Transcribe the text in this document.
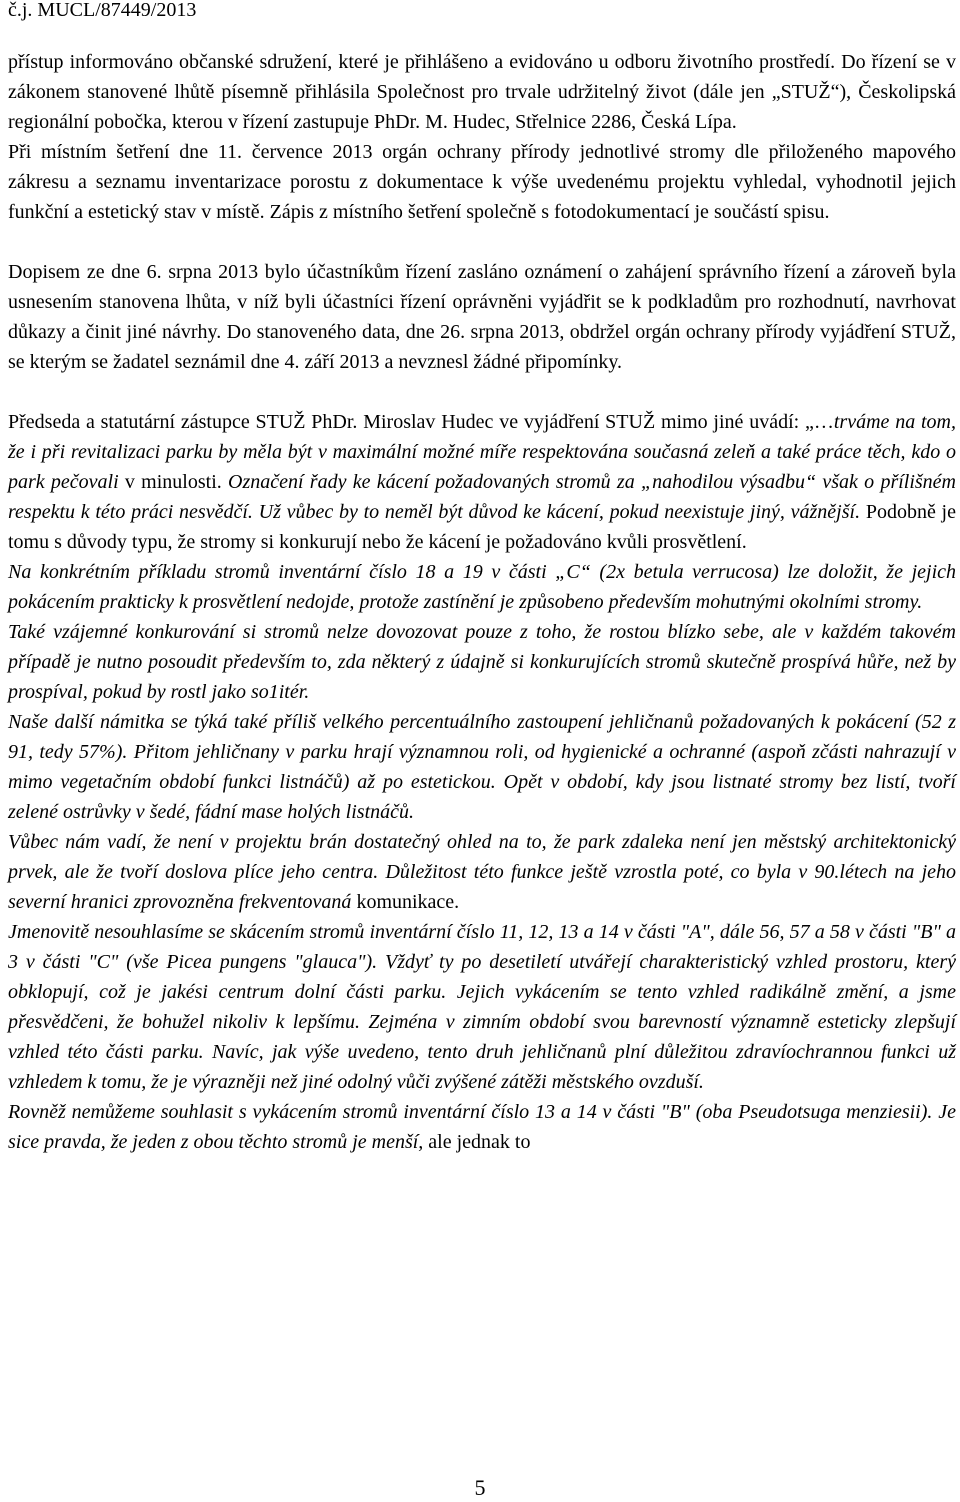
č.j. MUCL/87449/2013

přístup informováno občanské sdružení, které je přihlášeno a evidováno u odboru životního prostředí. Do řízení se v zákonem stanovené lhůtě písemně přihlásila Společnost pro trvale udržitelný život (dále jen „STUŽ“), Českolipská regionální pobočka, kterou v řízení zastupuje PhDr. M. Hudec, Střelnice 2286, Česká Lípa.

Při místním šetření dne 11. července 2013 orgán ochrany přírody jednotlivé stromy dle přiloženého mapového zákresu a seznamu inventarizace porostu z dokumentace k výše uvedenému projektu vyhledal, vyhodnotil jejich funkční a estetický stav v místě. Zápis z místního šetření společně s fotodokumentací je součástí spisu.

Dopisem ze dne 6. srpna 2013 bylo účastníkům řízení zasláno oznámení o zahájení správního řízení a zároveň byla usnesením stanovena lhůta, v níž byli účastníci řízení oprávněni vyjádřit se k podkladům pro rozhodnutí, navrhovat důkazy a činit jiné návrhy. Do stanoveného data, dne 26. srpna 2013, obdržel orgán ochrany přírody vyjádření STUŽ, se kterým se žadatel seznámil dne 4. září 2013 a nevznesl žádné připomínky.

Předseda a statutární zástupce STUŽ PhDr. Miroslav Hudec ve vyjádření STUŽ mimo jiné uvádí: „…trváme na tom, že i při revitalizaci parku by měla být v maximální možné míře respektována současná zeleň a také práce těch, kdo o park pečovali v minulosti. Označení řady ke kácení požadovaných stromů za „nahodilou výsadbu“ však o přílišném respektu k této práci nesvědčí. Už vůbec by to neměl být důvod ke kácení, pokud neexistuje jiný, vážnější. Podobně je tomu s důvody typu, že stromy si konkurují nebo že kácení je požadováno kvůli prosvětlení.

Na konkrétním příkladu stromů inventární číslo 18 a 19 v části „C“ (2x betula verrucosa) lze doložit, že jejich pokácením prakticky k prosvětlení nedojde, protože zastínění je způsobeno především mohutnými okolními stromy.

Také vzájemné konkurování si stromů nelze dovozovat pouze z toho, že rostou blízko sebe, ale v každém takovém případě je nutno posoudit především to, zda některý z údajně si konkurujících stromů skutečně prospívá hůře, než by prospíval, pokud by rostl jako so1itér.

Naše další námitka se týká také příliš velkého percentuálního zastoupení jehličnanů požadovaných k pokácení (52 z 91, tedy 57%). Přitom jehličnany v parku hrají významnou roli, od hygienické a ochranné (aspoň zčásti nahrazují v mimo vegetačním období funkci listnáčů) až po estetickou. Opět v období, kdy jsou listnaté stromy bez listí, tvoří zelené ostrůvky v šedé, fádní mase holých listnáčů.

Vůbec nám vadí, že není v projektu brán dostatečný ohled na to, že park zdaleka není jen městský architektonický prvek, ale že tvoří doslova plíce jeho centra. Důležitost této funkce ještě vzrostla poté, co byla v 90.létech na jeho severní hranici zprovozněna frekventovaná komunikace.

Jmenovitě nesouhlasíme se skácením stromů inventární číslo 11, 12, 13 a 14 v části "A", dále 56, 57 a 58 v části "B" a 3 v části "C" (vše Picea pungens "glauca"). Vždyť ty po desetiletí utvářejí charakteristický vzhled prostoru, který obklopují, což je jakési centrum dolní části parku. Jejich vykácením se tento vzhled radikálně změní, a jsme přesvědčeni, že bohužel nikoliv k lepšímu. Zejména v zimním období svou barevností významně esteticky zlepšují vzhled této části parku. Navíc, jak výše uvedeno, tento druh jehličnanů plní důležitou zdravíochrannou funkci už vzhledem k tomu, že je výrazněji než jiné odolný vůči zvýšené zátěži městského ovzduší.

Rovněž nemůžeme souhlasit s vykácením stromů inventární číslo 13 a 14 v části "B" (oba Pseudotsuga menziesii). Je sice pravda, že jeden z obou těchto stromů je menší, ale jednak to

5
